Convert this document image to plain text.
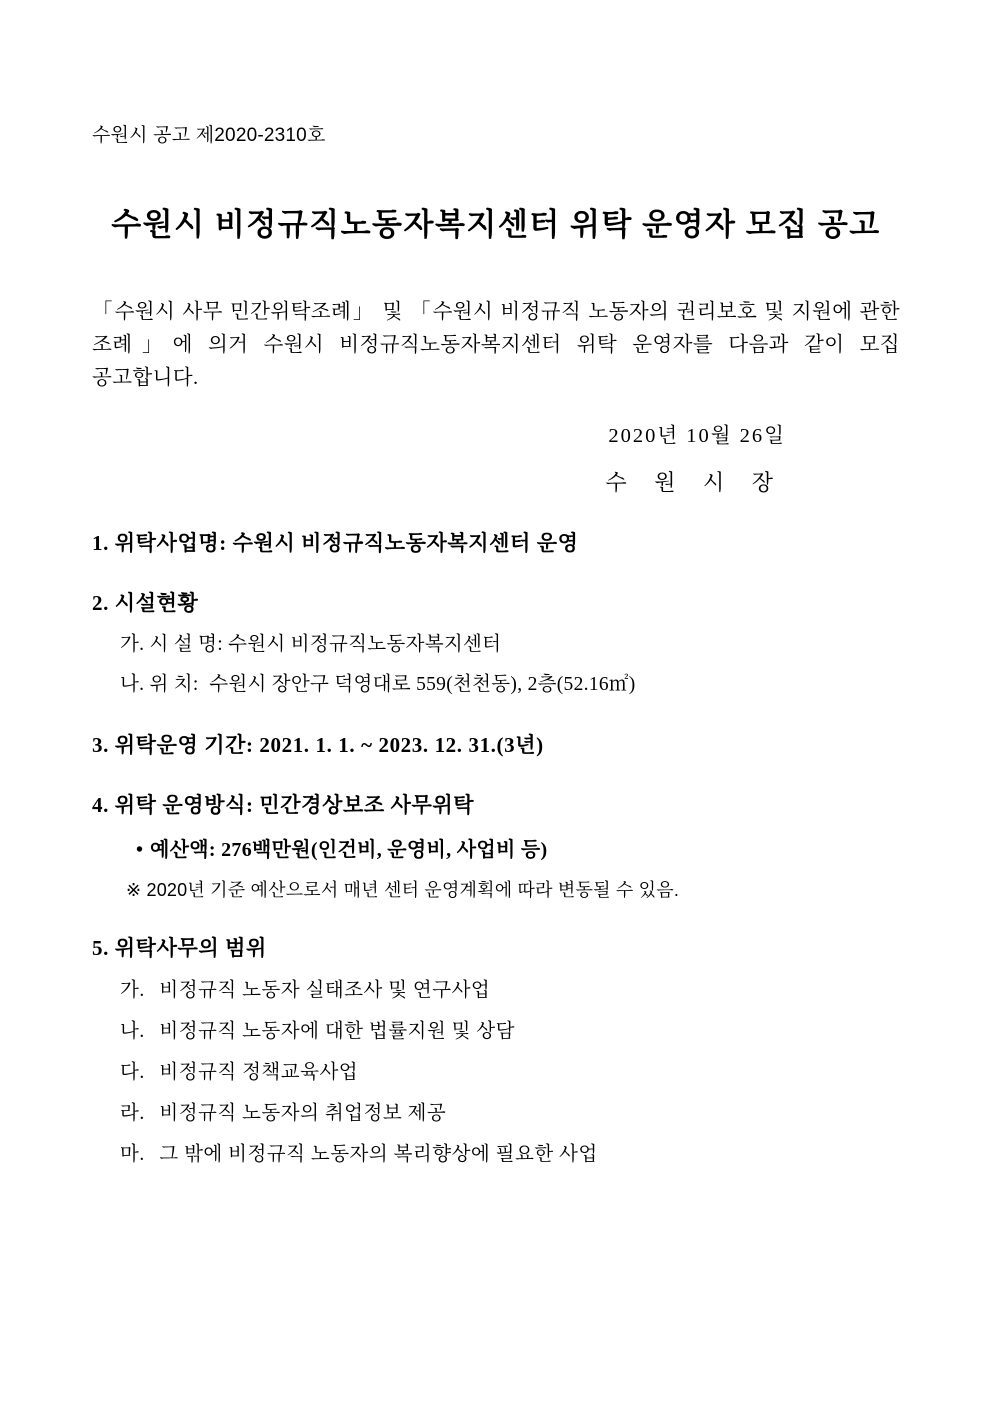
수원시 공고 제2020-2310호
수원시 비정규직노동자복지센터 위탁 운영자 모집 공고

「수원시 사무 민간위탁조례」 및 「수원시 비정규직 노동자의 권리보호 및 지원에 관한 조례」에 의거 수원시 비정규직노동자복지센터 위탁 운영자를 다음과 같이 모집 공고합니다.

2020년 10월 26일
수 원 시 장
1. 위탁사업명: 수원시 비정규직노동자복지센터 운영
2. 시설현황
가. 시 설 명: 수원시 비정규직노동자복지센터
나. 위 치: 수원시 장안구 덕영대로 559(천천동), 2층(52.16㎡)
3. 위탁운영 기간: 2021. 1. 1. ~ 2023. 12. 31.(3년)
4. 위탁 운영방식: 민간경상보조 사무위탁
• 예산액: 276백만원(인건비, 운영비, 사업비 등)
※ 2020년 기준 예산으로서 매년 센터 운영계획에 따라 변동될 수 있음.
5. 위탁사무의 범위
가. 비정규직 노동자 실태조사 및 연구사업
나. 비정규직 노동자에 대한 법률지원 및 상담
다. 비정규직 정책교육사업
라. 비정규직 노동자의 취업정보 제공
마. 그 밖에 비정규직 노동자의 복리향상에 필요한 사업
